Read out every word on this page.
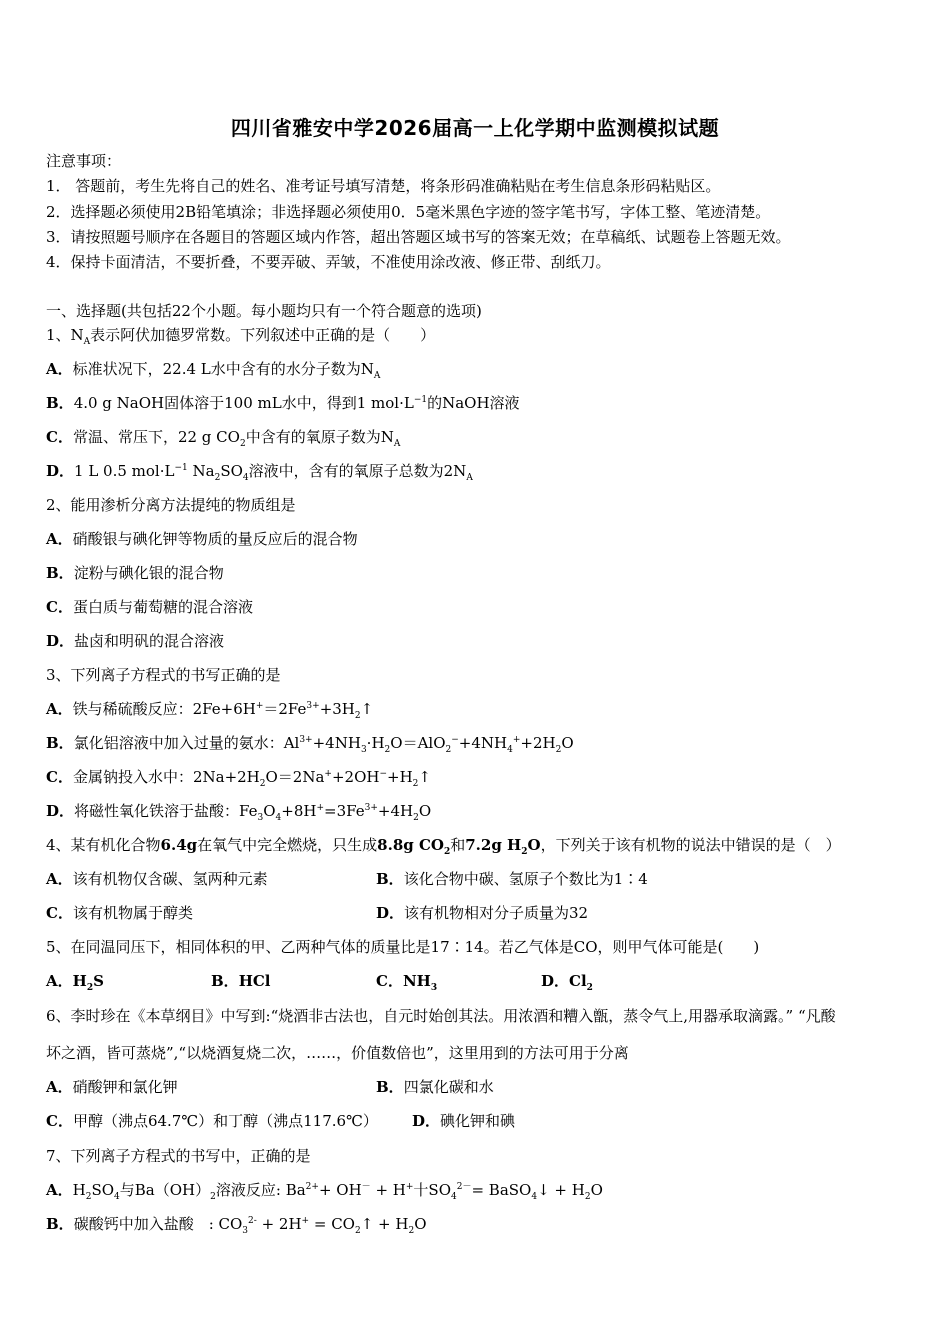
四川省雅安中学2026届高一上化学期中监测模拟试题
注意事项：
1． 答题前，考生先将自己的姓名、准考证号填写清楚，将条形码准确粘贴在考生信息条形码粘贴区。
2．选择题必须使用2B铅笔填涂；非选择题必须使用0．5毫米黑色字迹的签字笔书写，字体工整、笔迹清楚。
3．请按照题号顺序在各题目的答题区域内作答，超出答题区域书写的答案无效；在草稿纸、试题卷上答题无效。
4．保持卡面清洁，不要折叠，不要弄破、弄皱，不准使用涂改液、修正带、刮纸刀。
一、选择题(共包括22个小题。每小题均只有一个符合题意的选项)
1、$N_A$表示阿伏加德罗常数。下列叙述中正确的是（　　）
A．标准状况下，22.4 L水中含有的水分子数为$N_A$
B．4.0 g NaOH固体溶于100 mL水中，得到1 $mol\cdot L^{-1}$的NaOH溶液
C．常温、常压下，22 g $CO_2$中含有的氧原子数为$N_A$
D．1 L 0.5 $mol\cdot L^{-1}$ $Na_2SO_4$溶液中，含有的氧原子总数为$2N_A$
2、能用渗析分离方法提纯的物质组是
A．硝酸银与碘化钾等物质的量反应后的混合物
B．淀粉与碘化银的混合物
C．蛋白质与葡萄糖的混合溶液
D．盐卤和明矾的混合溶液
3、下列离子方程式的书写正确的是
A．铁与稀硫酸反应：$2Fe+6H^+=2Fe^{3+}+3H_2↑$
B．氯化铝溶液中加入过量的氨水：$Al^{3+}+4NH_3\cdot H_2O=AlO_2^-+4NH_4^++2H_2O$
C．金属钠投入水中：$2Na+2H_2O=2Na^++2OH^-+H_2↑$
D．将磁性氧化铁溶于盐酸：$Fe_3O_4+8H^+=3Fe^{3+}+4H_2O$
4、某有机化合物6.4g在氧气中完全燃烧，只生成8.8g $CO_2$和7.2g $H_2O$，下列关于该有机物的说法中错误的是（　）
A．该有机物仅含碳、氢两种元素	B．该化合物中碳、氢原子个数比为1∶4
C．该有机物属于醇类	D．该有机物相对分子质量为32
5、在同温同压下，相同体积的甲、乙两种气体的质量比是17∶14。若乙气体是CO，则甲气体可能是(　　)
A．$H_2S$	B．HCl	C．$NH_3$	D．$Cl_2$
6、李时珍在《本草纲目》中写到:“烧酒非古法也，自元时始创其法。用浓酒和糟入甑，蒸令气上,用器承取滴露。” “凡酸
坏之酒，皆可蒸烧”,“以烧酒复烧二次，……，价值数倍也”，这里用到的方法可用于分离
A．硝酸钾和氯化钾	B．四氯化碳和水
C．甲醇（沸点64.7℃）和丁醇（沸点117.6℃） D．碘化钾和碘
7、下列离子方程式的书写中，正确的是
A．$H_2SO_4$与$Ba(OH)_2$溶液反应: $Ba^{2+}+ OH^- + H^+$十$SO_4^{2-}=$ BaSO$_4$↓ + $H_2O$
B．碳酸钙中加入盐酸　: $CO_3^{2-} + 2H^+$ = $CO_2↑ + H_2O$
